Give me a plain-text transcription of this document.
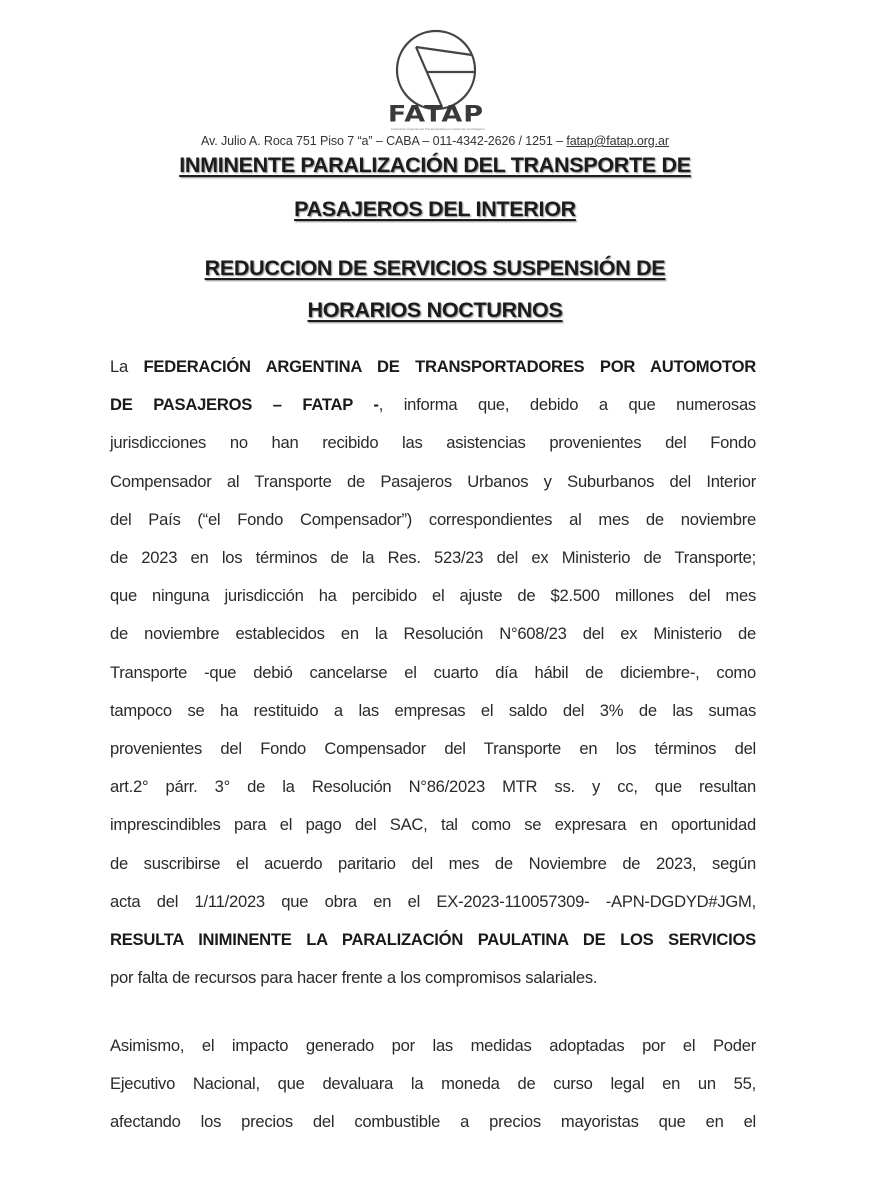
FATAP
Federación Argentina de Transportadores por Automotor de Pasajeros
Av. Julio A. Roca 751 Piso 7 “a” – CABA – 011-4342-2626 / 1251 – fatap@fatap.org.ar
INMINENTE PARALIZACIÓN DEL TRANSPORTE DE
PASAJEROS DEL INTERIOR
REDUCCION DE SERVICIOS SUSPENSIÓN DE
HORARIOS NOCTURNOS
La FEDERACIÓN ARGENTINA DE TRANSPORTADORES POR AUTOMOTOR
DE PASAJEROS – FATAP -, informa que, debido a que numerosas
jurisdicciones no han recibido las asistencias provenientes del Fondo
Compensador al Transporte de Pasajeros Urbanos y Suburbanos del Interior
del País (“el Fondo Compensador”) correspondientes al mes de noviembre
de 2023 en los términos de la Res. 523/23 del ex Ministerio de Transporte;
que ninguna jurisdicción ha percibido el ajuste de $2.500 millones del mes
de noviembre establecidos en la Resolución N°608/23 del ex Ministerio de
Transporte -que debió cancelarse el cuarto día hábil de diciembre-, como
tampoco se ha restituido a las empresas el saldo del 3% de las sumas
provenientes del Fondo Compensador del Transporte en los términos del
art.2° párr. 3° de la Resolución N°86/2023 MTR ss. y cc, que resultan
imprescindibles para el pago del SAC, tal como se expresara en oportunidad
de suscribirse el acuerdo paritario del mes de Noviembre de 2023, según
acta del 1/11/2023 que obra en el EX-2023-110057309- -APN-DGDYD#JGM,
RESULTA INIMINENTE LA PARALIZACIÓN PAULATINA DE LOS SERVICIOS
por falta de recursos para hacer frente a los compromisos salariales.
Asimismo, el impacto generado por las medidas adoptadas por el Poder
Ejecutivo Nacional, que devaluara la moneda de curso legal en un 55,
afectando los precios del combustible a precios mayoristas que en el
